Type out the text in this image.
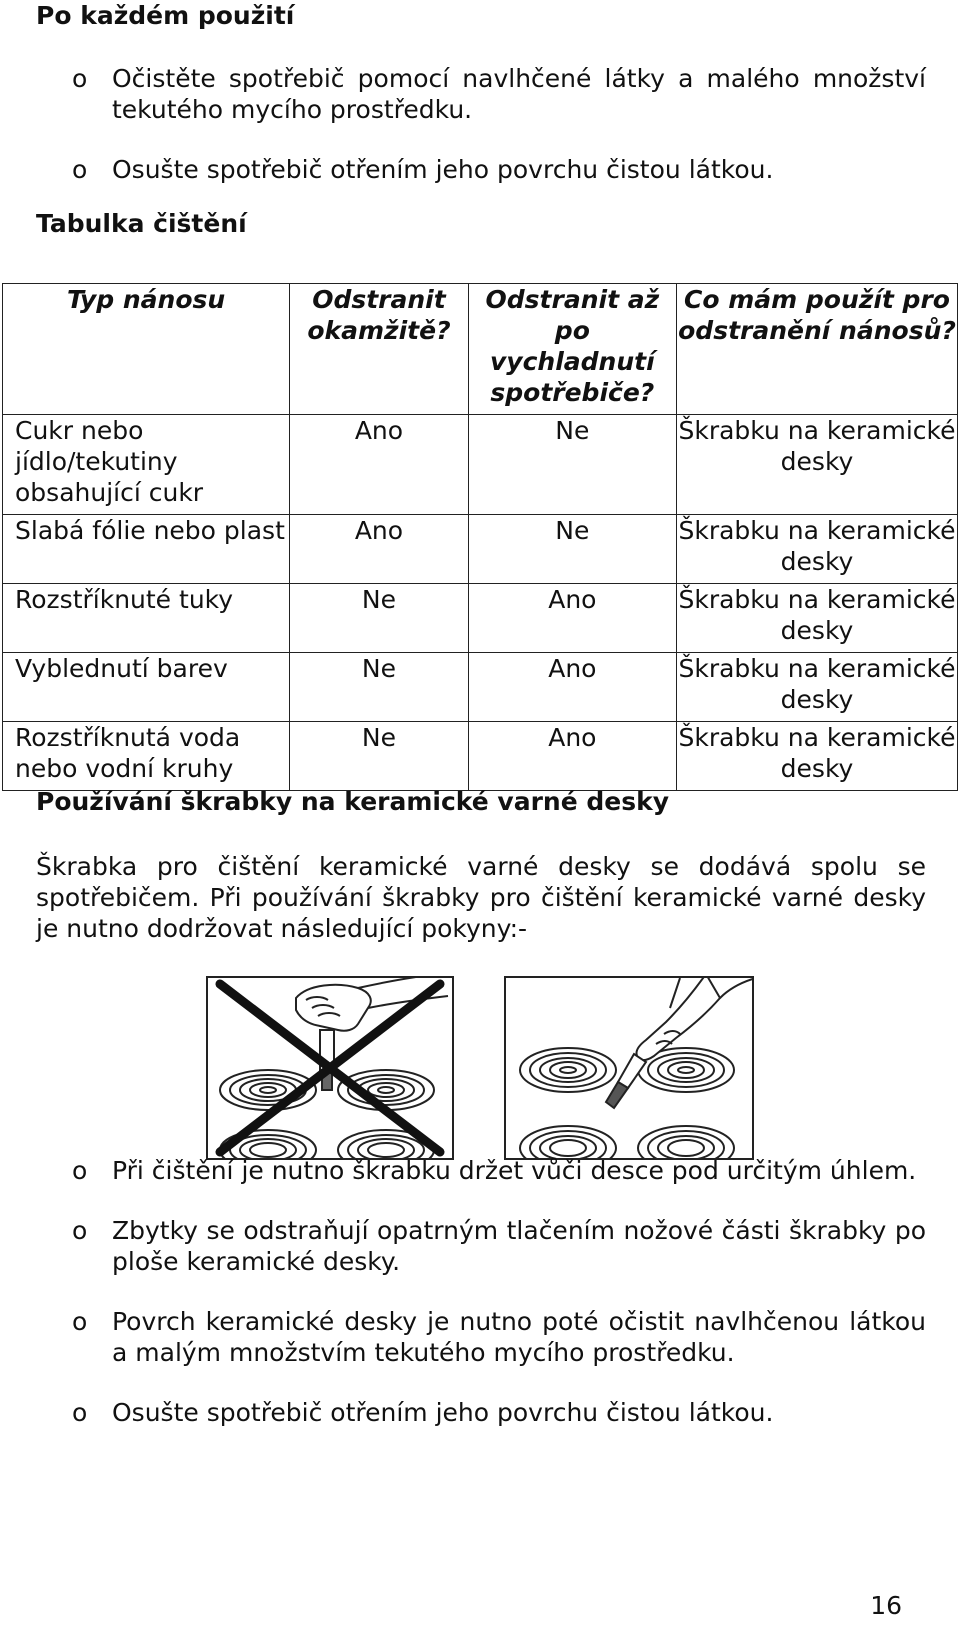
Po každém použití
o Očistěte spotřebič pomocí navlhčené látky a malého množství tekutého mycího prostředku.
o Osušte spotřebič otřením jeho povrchu čistou látkou.
Tabulka čištění
Typ nánosu	Odstranit okamžitě?	Odstranit až po vychladnutí spotřebiče?	Co mám použít pro odstranění nánosů?
Cukr nebo jídlo/tekutiny obsahující cukr	Ano	Ne	Škrabku na keramické desky
Slabá fólie nebo plast	Ano	Ne	Škrabku na keramické desky
Rozstříknuté tuky	Ne	Ano	Škrabku na keramické desky
Vyblednutí barev	Ne	Ano	Škrabku na keramické desky
Rozstříknutá voda nebo vodní kruhy	Ne	Ano	Škrabku na keramické desky
Používání škrabky na keramické varné desky
Škrabka pro čištění keramické varné desky se dodává spolu se spotřebičem. Při používání škrabky pro čištění keramické varné desky je nutno dodržovat následující pokyny:-
o Při čištění je nutno škrabku držet vůči desce pod určitým úhlem.
o Zbytky se odstraňují opatrným tlačením nožové části škrabky po ploše keramické desky.
o Povrch keramické desky je nutno poté očistit navlhčenou látkou a malým množstvím tekutého mycího prostředku.
o Osušte spotřebič otřením jeho povrchu čistou látkou.
16
